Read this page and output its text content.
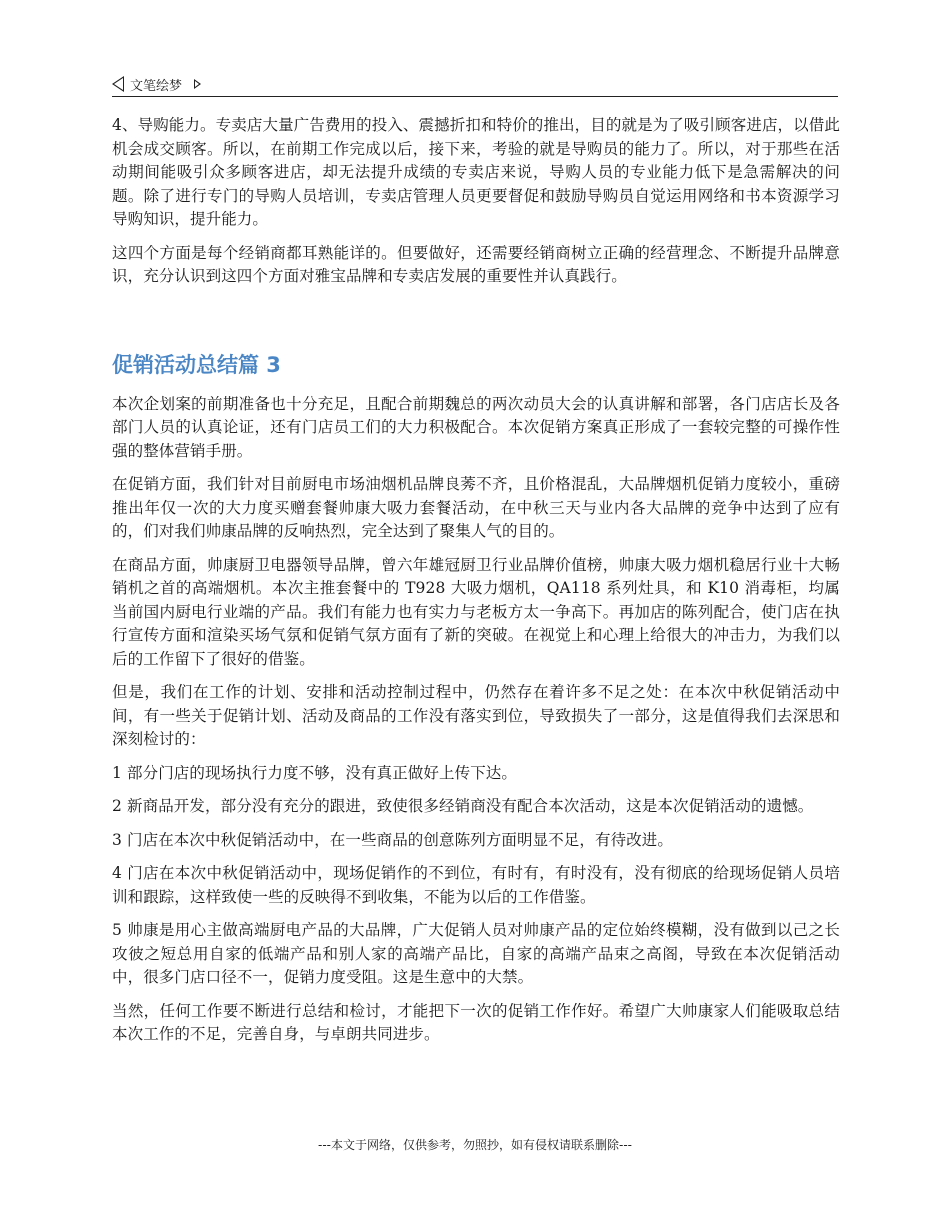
文笔绘梦

4、导购能力。专卖店大量广告费用的投入、震撼折扣和特价的推出，目的就是为了吸引顾客进店，以借此机会成交顾客。所以，在前期工作完成以后，接下来，考验的就是导购员的能力了。所以，对于那些在活动期间能吸引众多顾客进店，却无法提升成绩的专卖店来说，导购人员的专业能力低下是急需解决的问题。除了进行专门的导购人员培训，专卖店管理人员更要督促和鼓励导购员自觉运用网络和书本资源学习导购知识，提升能力。

这四个方面是每个经销商都耳熟能详的。但要做好，还需要经销商树立正确的经营理念、不断提升品牌意识，充分认识到这四个方面对雅宝品牌和专卖店发展的重要性并认真践行。

促销活动总结篇 3

本次企划案的前期准备也十分充足，且配合前期魏总的两次动员大会的认真讲解和部署，各门店店长及各部门人员的认真论证，还有门店员工们的大力积极配合。本次促销方案真正形成了一套较完整的可操作性强的整体营销手册。

在促销方面，我们针对目前厨电市场油烟机品牌良莠不齐，且价格混乱，大品牌烟机促销力度较小，重磅推出年仅一次的大力度买赠套餐帅康大吸力套餐活动，在中秋三天与业内各大品牌的竞争中达到了应有的，们对我们帅康品牌的反响热烈，完全达到了聚集人气的目的。

在商品方面，帅康厨卫电器领导品牌，曾六年雄冠厨卫行业品牌价值榜，帅康大吸力烟机稳居行业十大畅销机之首的高端烟机。本次主推套餐中的 T928 大吸力烟机，QA118 系列灶具，和 K10 消毒柜，均属当前国内厨电行业端的产品。我们有能力也有实力与老板方太一争高下。再加店的陈列配合，使门店在执行宣传方面和渲染买场气氛和促销气氛方面有了新的突破。在视觉上和心理上给很大的冲击力，为我们以后的工作留下了很好的借鉴。

但是，我们在工作的计划、安排和活动控制过程中，仍然存在着许多不足之处：在本次中秋促销活动中间，有一些关于促销计划、活动及商品的工作没有落实到位，导致损失了一部分，这是值得我们去深思和深刻检讨的：

1 部分门店的现场执行力度不够，没有真正做好上传下达。

2 新商品开发，部分没有充分的跟进，致使很多经销商没有配合本次活动，这是本次促销活动的遗憾。

3 门店在本次中秋促销活动中，在一些商品的创意陈列方面明显不足，有待改进。

4 门店在本次中秋促销活动中，现场促销作的不到位，有时有，有时没有，没有彻底的给现场促销人员培训和跟踪，这样致使一些的反映得不到收集，不能为以后的工作借鉴。

5 帅康是用心主做高端厨电产品的大品牌，广大促销人员对帅康产品的定位始终模糊，没有做到以己之长攻彼之短总用自家的低端产品和别人家的高端产品比，自家的高端产品束之高阁，导致在本次促销活动中，很多门店口径不一，促销力度受阻。这是生意中的大禁。

当然，任何工作要不断进行总结和检讨，才能把下一次的促销工作作好。希望广大帅康家人们能吸取总结本次工作的不足，完善自身，与卓朗共同进步。

---本文于网络，仅供参考，勿照抄，如有侵权请联系删除---
